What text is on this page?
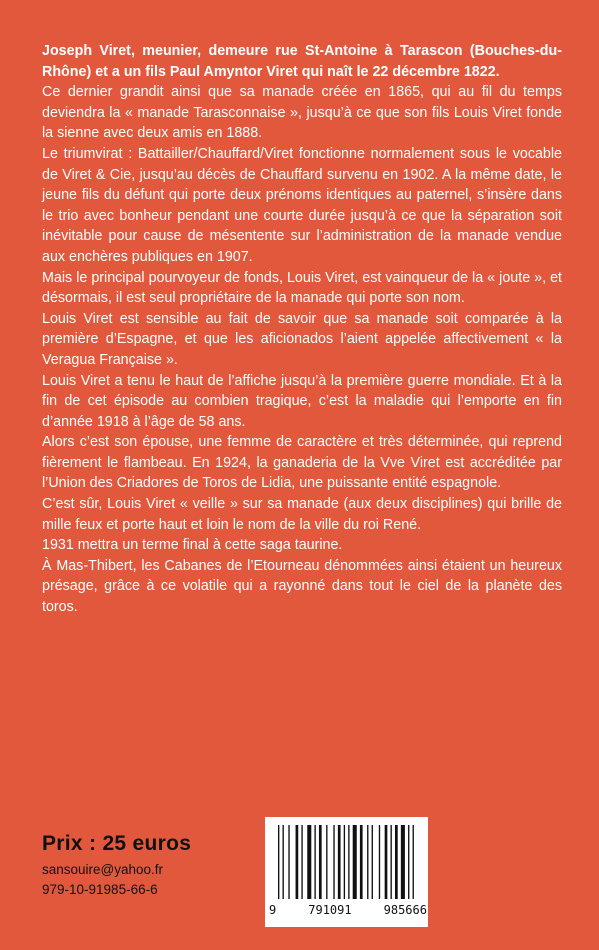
Joseph Viret, meunier, demeure rue St-Antoine à Tarascon (Bouches-du-Rhône) et a un fils Paul Amyntor Viret qui naît le 22 décembre 1822.

Ce dernier grandit ainsi que sa manade créée en 1865, qui au fil du temps deviendra la « manade Tarasconnaise », jusqu’à ce que son fils Louis Viret fonde la sienne avec deux amis en 1888.

Le triumvirat : Battailler/Chauffard/Viret fonctionne normalement sous le vocable de Viret & Cie, jusqu’au décès de Chauffard survenu en 1902. A la même date, le jeune fils du défunt qui porte deux prénoms identiques au paternel, s’insère dans le trio avec bonheur pendant une courte durée jusqu’à ce que la séparation soit inévitable pour cause de mésentente sur l’administration de la manade vendue aux enchères publiques en 1907.

Mais le principal pourvoyeur de fonds, Louis Viret, est vainqueur de la « joute », et désormais, il est seul propriétaire de la manade qui porte son nom.

Louis Viret est sensible au fait de savoir que sa manade soit comparée à la première d’Espagne, et que les aficionados l’aient appelée affectivement « la Veragua Française ».

Louis Viret a tenu le haut de l’affiche jusqu’à la première guerre mondiale. Et à la fin de cet épisode au combien tragique, c’est la maladie qui l’emporte en fin d’année 1918 à l’âge de 58 ans.

Alors c’est son épouse, une femme de caractère et très déterminée, qui reprend fièrement le flambeau. En 1924, la ganaderia de la Vve Viret est accréditée par l’Union des Criadores de Toros de Lidia, une puissante entité espagnole.

C’est sûr, Louis Viret « veille » sur sa manade (aux deux disciplines) qui brille de mille feux et porte haut et loin le nom de la ville du roi René.

1931 mettra un terme final à cette saga taurine.

À Mas-Thibert, les Cabanes de l’Etourneau dénommées ainsi étaient un heureux présage, grâce à ce volatile qui a rayonné dans tout le ciel de la planète des toros.

Prix : 25 euros
sansouire@yahoo.fr
979-10-91985-66-6
9	791091	985666
